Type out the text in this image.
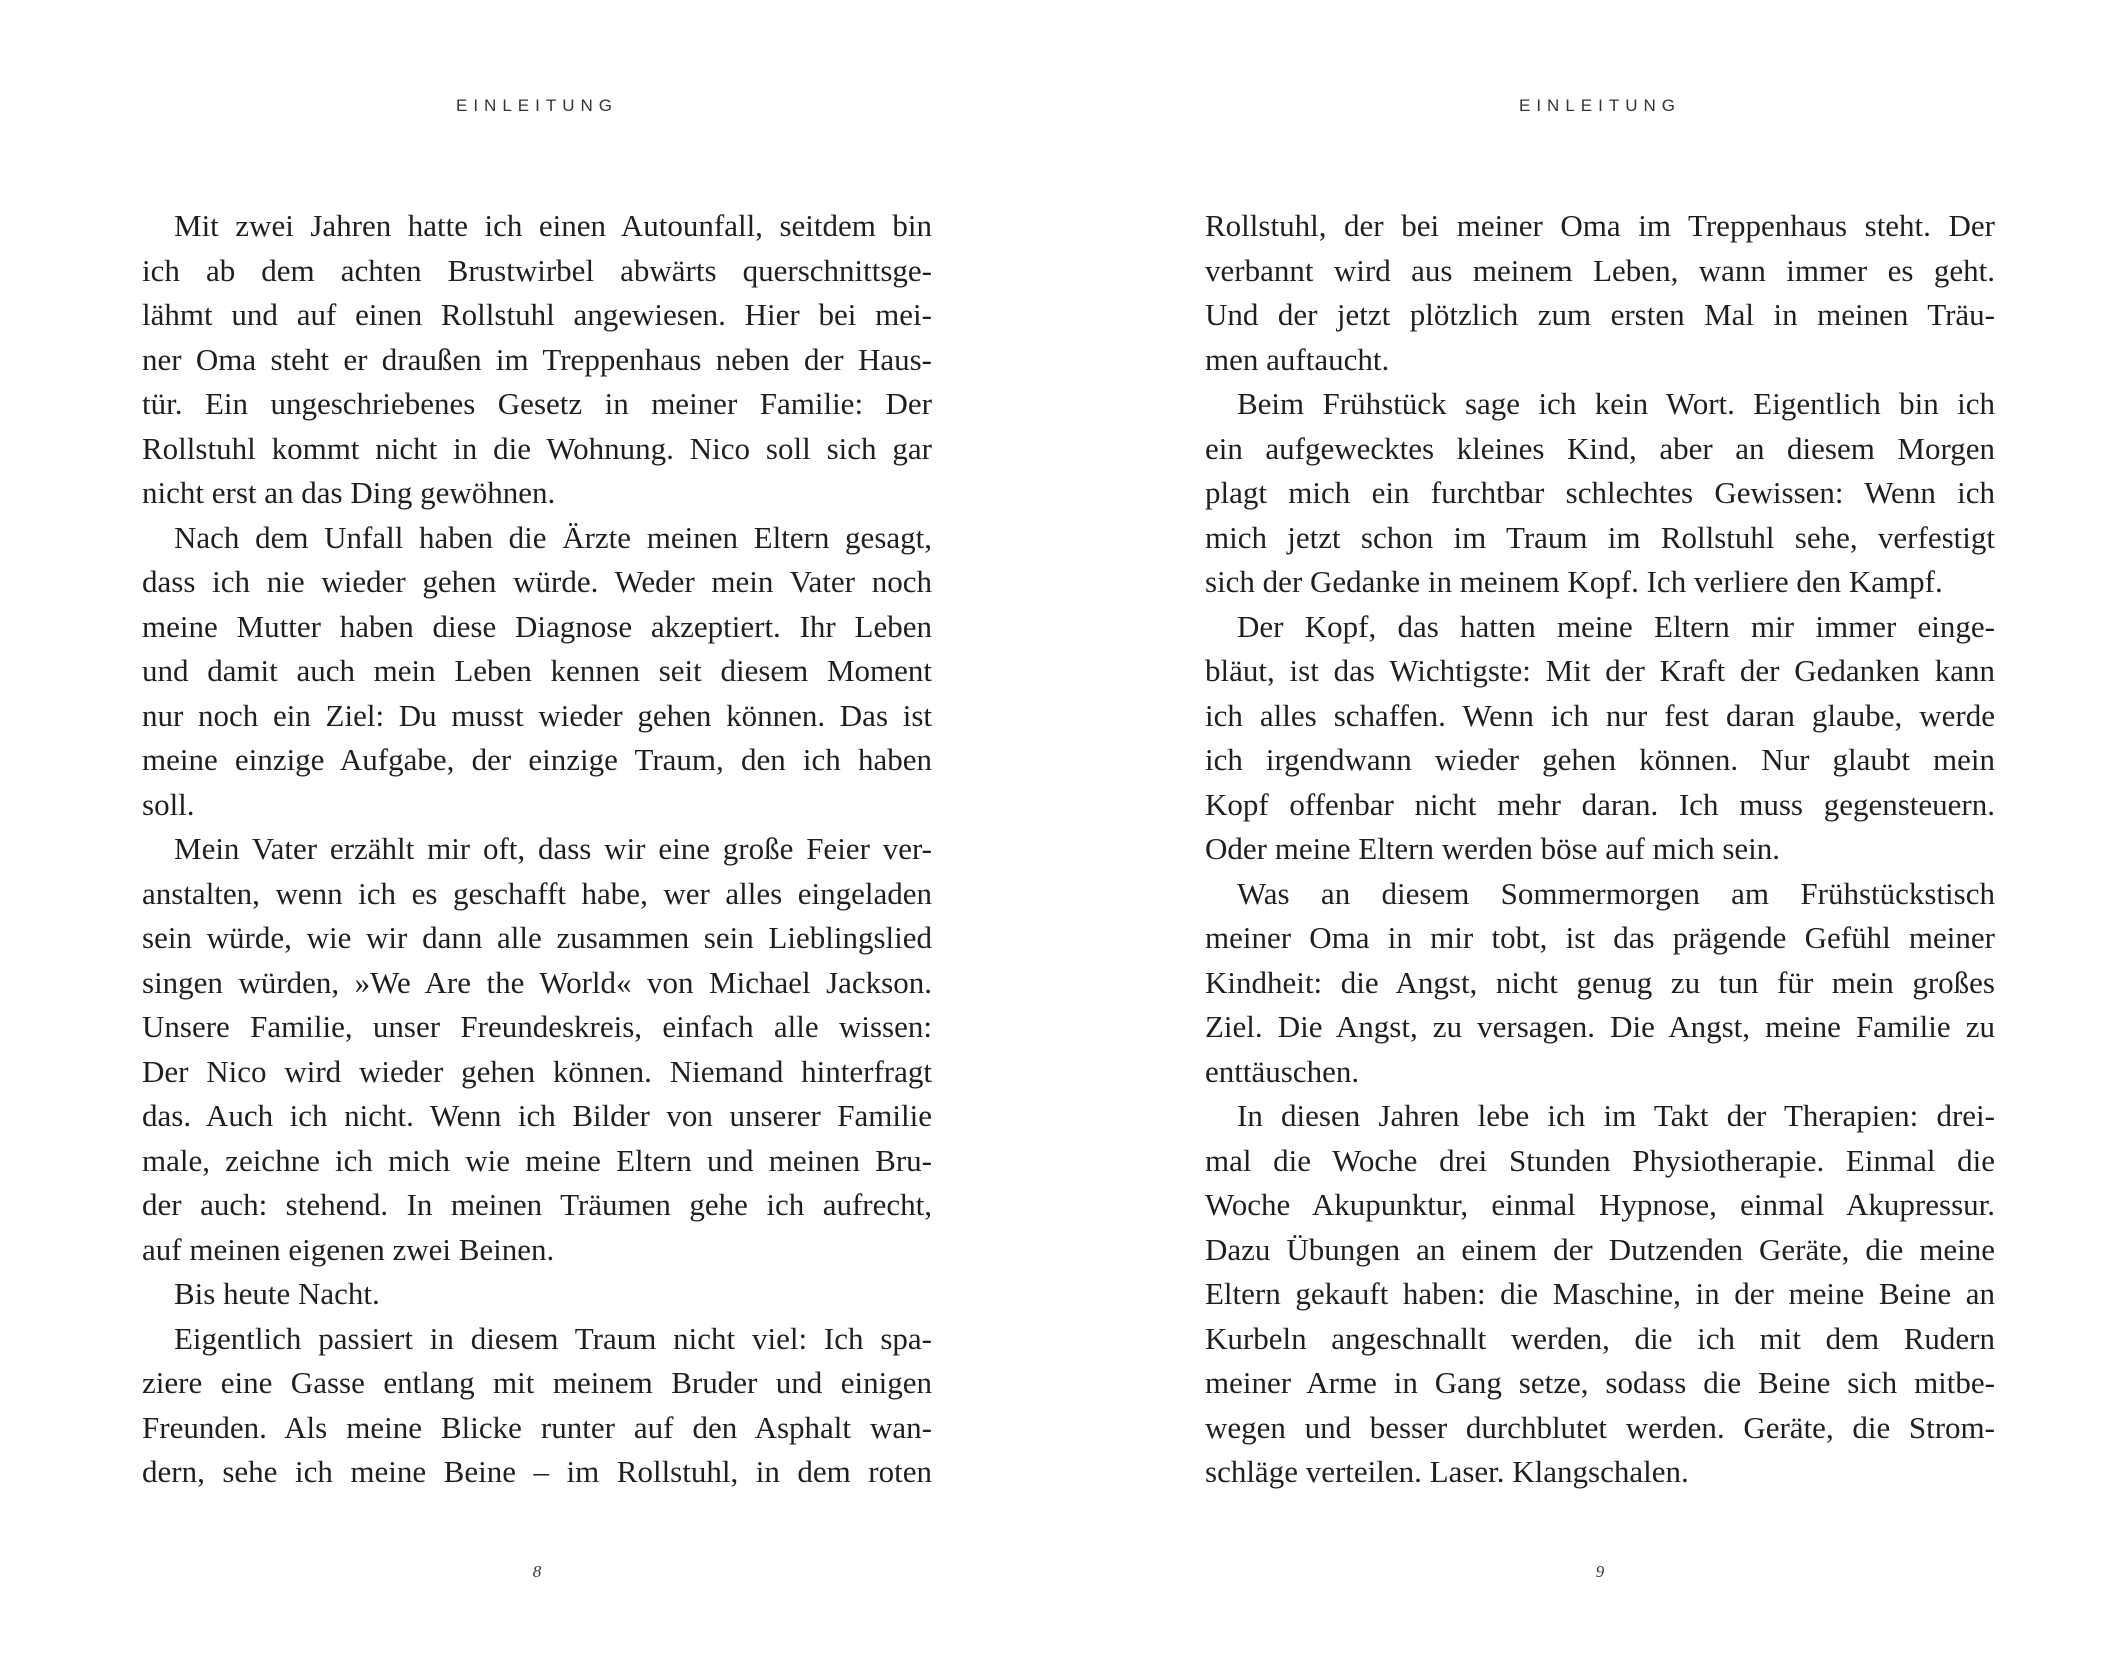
EINLEITUNG

Mit zwei Jahren hatte ich einen Autounfall, seitdem bin
ich ab dem achten Brustwirbel abwärts querschnittsge-
lähmt und auf einen Rollstuhl angewiesen. Hier bei mei-
ner Oma steht er draußen im Treppenhaus neben der Haus-
tür. Ein ungeschriebenes Gesetz in meiner Familie: Der
Rollstuhl kommt nicht in die Wohnung. Nico soll sich gar
nicht erst an das Ding gewöhnen.

Nach dem Unfall haben die Ärzte meinen Eltern gesagt,
dass ich nie wieder gehen würde. Weder mein Vater noch
meine Mutter haben diese Diagnose akzeptiert. Ihr Leben
und damit auch mein Leben kennen seit diesem Moment
nur noch ein Ziel: Du musst wieder gehen können. Das ist
meine einzige Aufgabe, der einzige Traum, den ich haben
soll.

Mein Vater erzählt mir oft, dass wir eine große Feier ver-
anstalten, wenn ich es geschafft habe, wer alles eingeladen
sein würde, wie wir dann alle zusammen sein Lieblingslied
singen würden, »We Are the World« von Michael Jackson.
Unsere Familie, unser Freundeskreis, einfach alle wissen:
Der Nico wird wieder gehen können. Niemand hinterfragt
das. Auch ich nicht. Wenn ich Bilder von unserer Familie
male, zeichne ich mich wie meine Eltern und meinen Bru-
der auch: stehend. In meinen Träumen gehe ich aufrecht,
auf meinen eigenen zwei Beinen.

Bis heute Nacht.

Eigentlich passiert in diesem Traum nicht viel: Ich spa-
ziere eine Gasse entlang mit meinem Bruder und einigen
Freunden. Als meine Blicke runter auf den Asphalt wan-
dern, sehe ich meine Beine – im Rollstuhl, in dem roten

8
EINLEITUNG

Rollstuhl, der bei meiner Oma im Treppenhaus steht. Der
verbannt wird aus meinem Leben, wann immer es geht.
Und der jetzt plötzlich zum ersten Mal in meinen Träu-
men auftaucht.

Beim Frühstück sage ich kein Wort. Eigentlich bin ich
ein aufgewecktes kleines Kind, aber an diesem Morgen
plagt mich ein furchtbar schlechtes Gewissen: Wenn ich
mich jetzt schon im Traum im Rollstuhl sehe, verfestigt
sich der Gedanke in meinem Kopf. Ich verliere den Kampf.

Der Kopf, das hatten meine Eltern mir immer einge-
bläut, ist das Wichtigste: Mit der Kraft der Gedanken kann
ich alles schaffen. Wenn ich nur fest daran glaube, werde
ich irgendwann wieder gehen können. Nur glaubt mein
Kopf offenbar nicht mehr daran. Ich muss gegensteuern.
Oder meine Eltern werden böse auf mich sein.

Was an diesem Sommermorgen am Frühstückstisch
meiner Oma in mir tobt, ist das prägende Gefühl meiner
Kindheit: die Angst, nicht genug zu tun für mein großes
Ziel. Die Angst, zu versagen. Die Angst, meine Familie zu
enttäuschen.

In diesen Jahren lebe ich im Takt der Therapien: drei-
mal die Woche drei Stunden Physiotherapie. Einmal die
Woche Akupunktur, einmal Hypnose, einmal Akupressur.
Dazu Übungen an einem der Dutzenden Geräte, die meine
Eltern gekauft haben: die Maschine, in der meine Beine an
Kurbeln angeschnallt werden, die ich mit dem Rudern
meiner Arme in Gang setze, sodass die Beine sich mitbe-
wegen und besser durchblutet werden. Geräte, die Strom-
schläge verteilen. Laser. Klangschalen.

9
